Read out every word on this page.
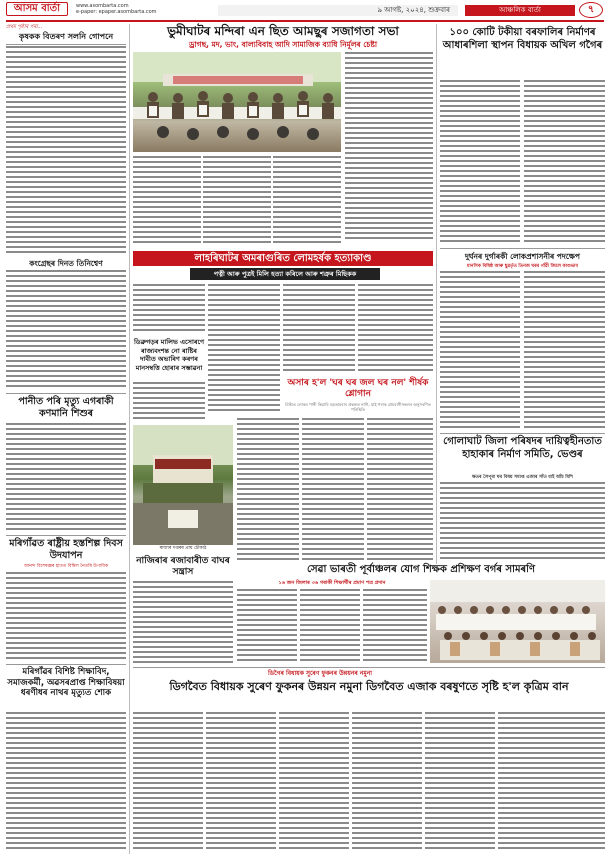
আসম বাৰ্তা	www.asombarta.com
e-paper: epaper.asombarta.com	৯ আগষ্ট, ২০২৪, শুক্ৰবাৰ	আঞ্চলিক বাৰ্তা	৭
প্ৰথম পৃষ্ঠাৰ পৰা...
কৃষকক বিতৰণ সলনি গোপনে
কংগ্ৰেছৰ দিনত তিনিশ্বেণ
পানীত পৰি মৃত্যু এগৰাকী কণমানি শিশুৰ
মৰিগাঁৱত ৰাষ্ট্ৰীয় হস্তশিল্প দিবস উদযাপন
আনন্দ বিশেষজ্ঞৰ হাতত বিশ্বিল নৈতৰি উপাধিক
মৰিগাঁৱৰ বিশিষ্ট শিক্ষাবিদ, সমাজকৰ্মী, অৱসৰপ্ৰাপ্ত শিক্ষাবিষয়া ধৰণীধৰ নাথৰ মৃত্যুত শোক
ভুমীঘাটৰ মন্দিৰা এন ছিত আমছুৰ সজাগতা সভা
ড্ৰাগছ, মদ, ভাং, বাল্যবিবাহ আদি সামাজিক ব্যাধি নিৰ্মূলৰ চেষ্টা
লাহৰিঘাটৰ অমৰাগুৰিত লোমহৰ্ষক হত্যাকাণ্ড
পত্নী আৰু পুত্ৰই মিলি হত্যা কৰিলে আৰু শত্ৰুৰ মিছিকক
ডিব্ৰুগড়ৰ মালিভ এসোৰণে ৰাজ্যবংশন্ত নো ৰাষ্টিৰ দাবীত অভাৰিণ কৰণৰ মানসম্বত্তি হোৰাৰ সম্ভাৱনা
অসাৰ হ'ল 'ঘৰ ঘৰ জল ঘৰ নল' শীৰ্ষক শ্লোগান
মিশ্ৰিত লোকৰ পানী কিয়ামি বড়তামবাৰ প্ৰকল্পত নাগি, যাই গৰাক গ্ৰামবাসীসকলৰ অনুসৰণিত পৰিস্থিতি
ৰাজ্যৰ দপ্তৰৰ প্ৰায় চৌকাঠ
নাজিৰাৰ ৰজাবাৰীত বাঘৰ সন্ত্ৰাস	সেৱা ভাৰতী পূৰ্বাঞ্চলৰ যোগ শিক্ষক প্ৰশিক্ষণ বৰ্গৰ সামৰণি
১৬ জন জিলাৰ ৩৬ গৰাকী শিক্ষাৰ্থীৰ প্ৰমাণ পত্ৰ প্ৰদান
ডিগৈৰ বিধায়ক সুৰেণ ফুকনৰ উন্নয়নৰ নমুনা
ডিগবৈত বিধায়ক সুৰেণ ফুকনৰ উন্নয়ন নমুনা ডিগবৈত এজাক বৰষুণতে সৃষ্টি হ'ল কৃত্ৰিম বান
১০০ কোটি টকীয়া বৰফালিৰ নিৰ্মাণৰ আধাৰশিলা স্থাপন বিধায়ক অখিল গগৈৰ
দুৰ্ঘনৰ দুৰ্গাৰকী লোকপ্ৰশাসনীৰ পদক্ষেপ
মানসিক বিষিষ্ঠ আৰু ছুৱৰ্তৃত তিনজ ঘৰৰ গাঁৱী জিলে কাণ্ডভাব
গোলাঘাট জিলা পৰিষদৰ দায়িত্বহীনতাত হাহাকাৰ নিৰ্মাণ সমিতি, ভেণ্ডৰ
ক্ষতৰ লৈপূৰা ঘৰ বিষয় সমাপ্ত এজাৰ সাঁত ধাই আঁচ মিশি
